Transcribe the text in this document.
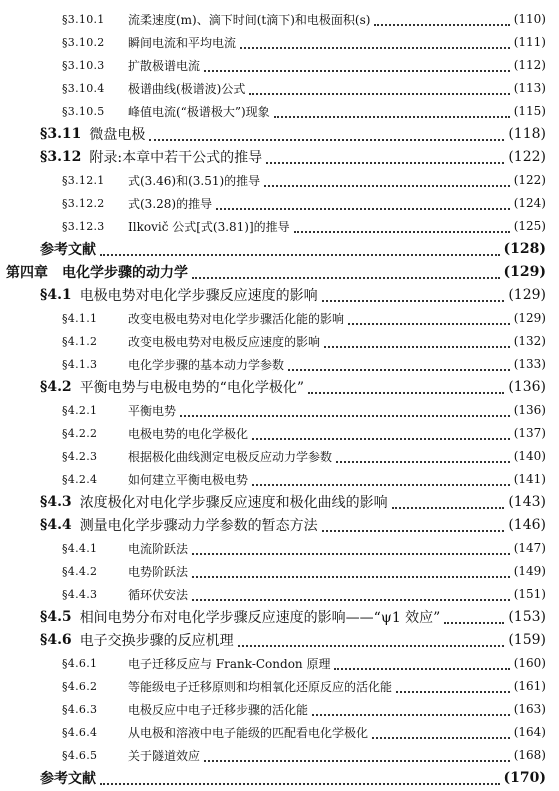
§3.10.1	流柔速度(m)、滴下时间(t滴下)和电极面积(s)	(110)
§3.10.2	瞬间电流和平均电流	(111)
§3.10.3	扩散极谱电流	(112)
§3.10.4	极谱曲线(极谱波)公式	(113)
§3.10.5	峰值电流(“极谱极大”)现象	(115)
§3.11 微盘电极	(118)
§3.12 附录:本章中若干公式的推导	(122)
§3.12.1	式(3.46)和(3.51)的推导	(122)
§3.12.2	式(3.28)的推导	(124)
§3.12.3	Ilkovič 公式[式(3.81)]的推导	(125)
参考文献	(128)
第四章 电化学步骤的动力学	(129)
§4.1 电极电势对电化学步骤反应速度的影响	(129)
§4.1.1	改变电极电势对电化学步骤活化能的影响	(129)
§4.1.2	改变电极电势对电极反应速度的影响	(132)
§4.1.3	电化学步骤的基本动力学参数	(133)
§4.2 平衡电势与电极电势的“电化学极化”	(136)
§4.2.1	平衡电势	(136)
§4.2.2	电极电势的电化学极化	(137)
§4.2.3	根据极化曲线测定电极反应动力学参数	(140)
§4.2.4	如何建立平衡电极电势	(141)
§4.3 浓度极化对电化学步骤反应速度和极化曲线的影响	(143)
§4.4 测量电化学步骤动力学参数的暂态方法	(146)
§4.4.1	电流阶跃法	(147)
§4.4.2	电势阶跃法	(149)
§4.4.3	循环伏安法	(151)
§4.5 相间电势分布对电化学步骤反应速度的影响——“ψ1 效应”	(153)
§4.6 电子交换步骤的反应机理	(159)
§4.6.1	电子迁移反应与 Frank-Condon 原理	(160)
§4.6.2	等能级电子迁移原则和均相氧化还原反应的活化能	(161)
§4.6.3	电极反应中电子迁移步骤的活化能	(163)
§4.6.4	从电极和溶液中电子能级的匹配看电化学极化	(164)
§4.6.5	关于隧道效应	(168)
参考文献	(170)
